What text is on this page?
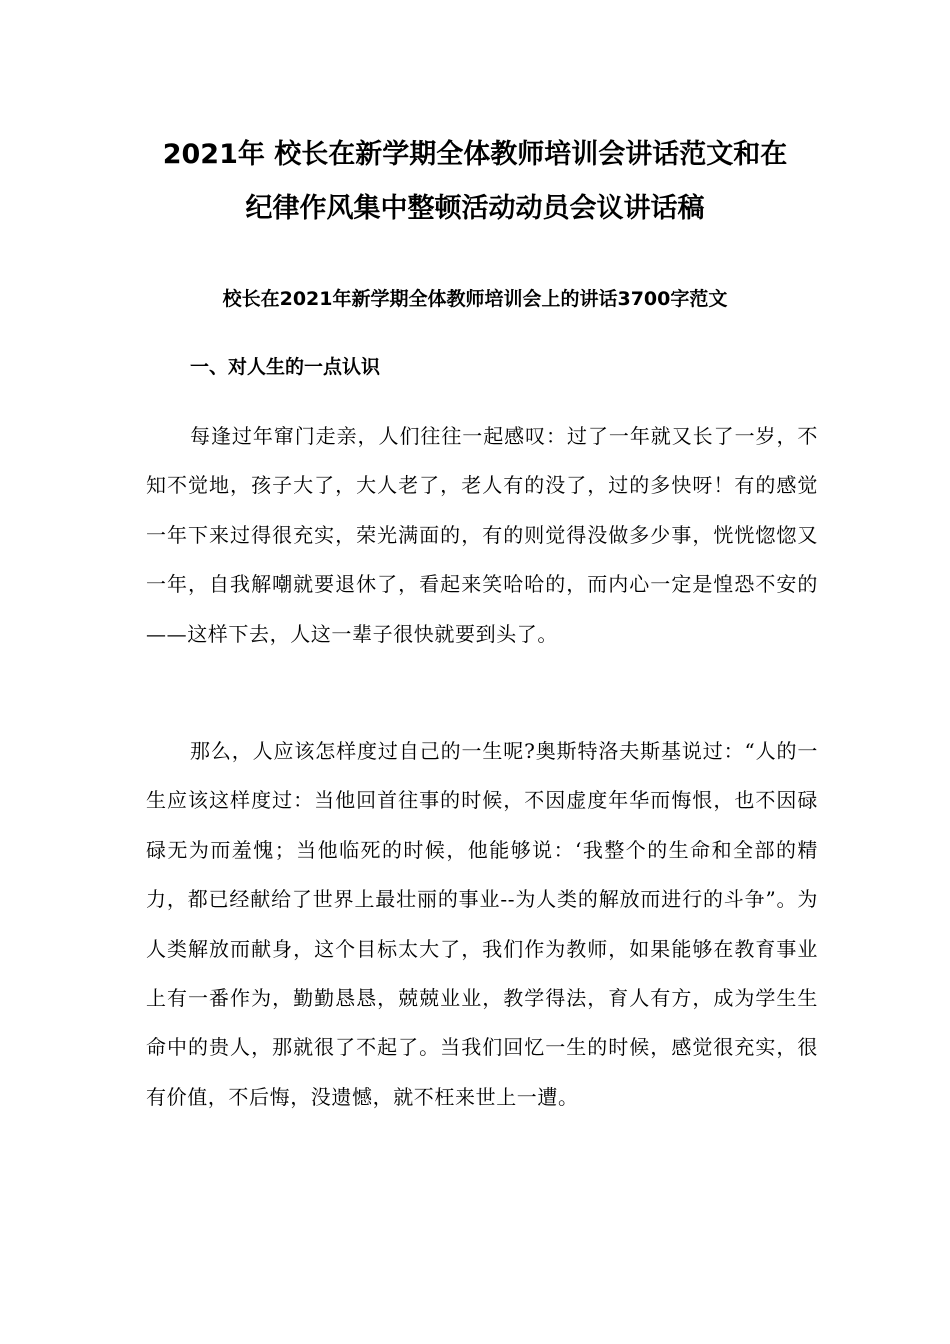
2021年 校长在新学期全体教师培训会讲话范文和在
纪律作风集中整顿活动动员会议讲话稿
校长在2021年新学期全体教师培训会上的讲话3700字范文
一、对人生的一点认识

每逢过年窜门走亲，人们往往一起感叹：过了一年就又长了一岁，不知不觉地，孩子大了，大人老了，老人有的没了，过的多快呀！有的感觉一年下来过得很充实，荣光满面的，有的则觉得没做多少事，恍恍惚惚又一年，自我解嘲就要退休了，看起来笑哈哈的，而内心一定是惶恐不安的——这样下去，人这一辈子很快就要到头了。

那么，人应该怎样度过自己的一生呢?奥斯特洛夫斯基说过：“人的一生应该这样度过：当他回首往事的时候，不因虚度年华而悔恨，也不因碌碌无为而羞愧；当他临死的时候，他能够说：‘我整个的生命和全部的精力，都已经献给了世界上最壮丽的事业--为人类的解放而进行的斗争”。为人类解放而献身，这个目标太大了，我们作为教师，如果能够在教育事业上有一番作为，勤勤恳恳，兢兢业业，教学得法，育人有方，成为学生生命中的贵人，那就很了不起了。当我们回忆一生的时候，感觉很充实，很有价值，不后悔，没遗憾，就不枉来世上一遭。
